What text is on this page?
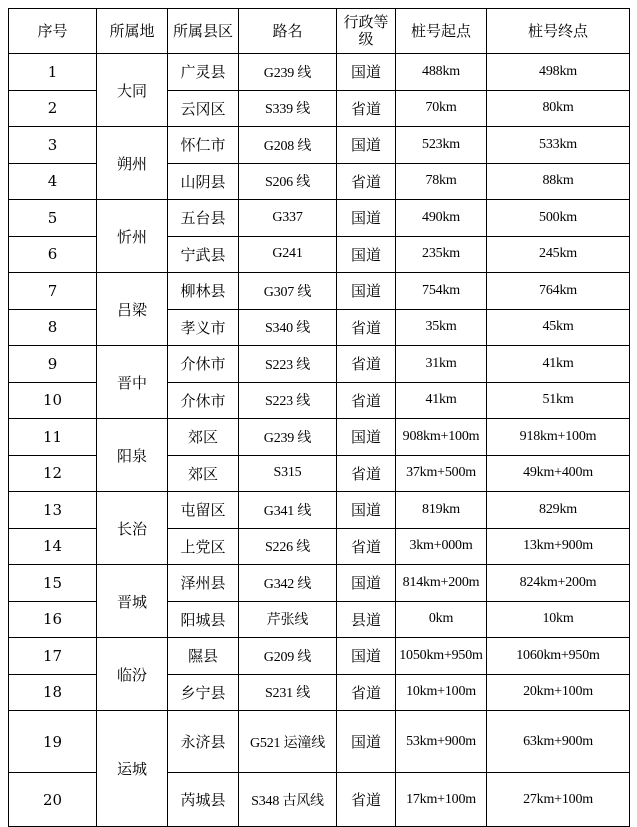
序号	所属地	所属县区	路名	行政等级	桩号起点	桩号终点
1	大同	广灵县	G239 线	国道	488km	498km
2		云冈区	S339 线	省道	70km	80km
3	朔州	怀仁市	G208 线	国道	523km	533km
4		山阴县	S206 线	省道	78km	88km
5	忻州	五台县	G337	国道	490km	500km
6		宁武县	G241	国道	235km	245km
7	吕梁	柳林县	G307 线	国道	754km	764km
8		孝义市	S340 线	省道	35km	45km
9	晋中	介休市	S223 线	省道	31km	41km
10		介休市	S223 线	省道	41km	51km
11	阳泉	郊区	G239 线	国道	908km+100m	918km+100m
12		郊区	S315	省道	37km+500m	49km+400m
13	长治	屯留区	G341 线	国道	819km	829km
14		上党区	S226 线	省道	3km+000m	13km+900m
15	晋城	泽州县	G342 线	国道	814km+200m	824km+200m
16		阳城县	芹张线	县道	0km	10km
17	临汾	隰县	G209 线	国道	1050km+950m	1060km+950m
18		乡宁县	S231 线	省道	10km+100m	20km+100m
19	运城	永济县	G521 运潼线	国道	53km+900m	63km+900m
20		芮城县	S348 古风线	省道	17km+100m	27km+100m
